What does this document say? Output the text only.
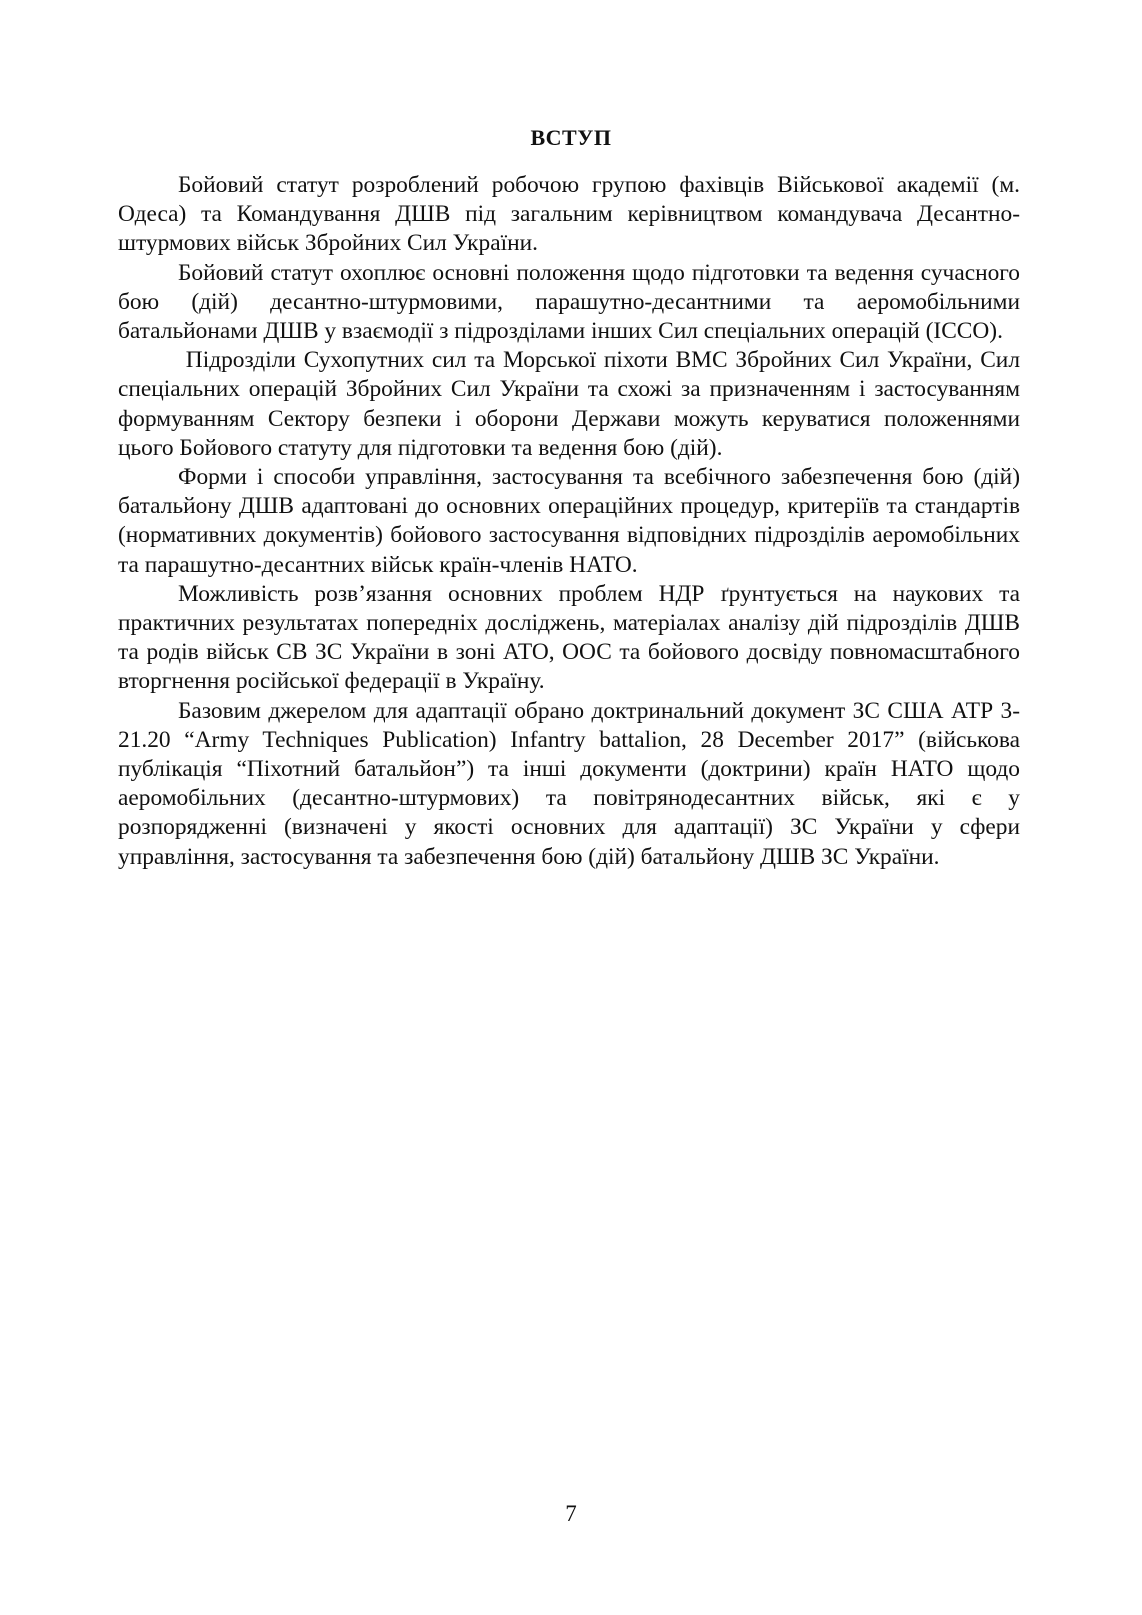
ВСТУП

Бойовий статут розроблений робочою групою фахівців Військової академії (м. Одеса) та Командування ДШВ під загальним керівництвом командувача Десантно-штурмових військ Збройних Сил України.

Бойовий статут охоплює основні положення щодо підготовки та ведення сучасного бою (дій) десантно-штурмовими, парашутно-десантними та аеромобільними батальйонами ДШВ у взаємодії з підрозділами інших Сил спеціальних операцій (ІССО).

Підрозділи Сухопутних сил та Морської піхоти ВМС Збройних Сил України, Сил спеціальних операцій Збройних Сил України та схожі за призначенням і застосуванням формуванням Сектору безпеки і оборони Держави можуть керуватися положеннями цього Бойового статуту для підготовки та ведення бою (дій).

Форми і способи управління, застосування та всебічного забезпечення бою (дій) батальйону ДШВ адаптовані до основних операційних процедур, критеріїв та стандартів (нормативних документів) бойового застосування відповідних підрозділів аеромобільних та парашутно-десантних військ країн-членів НАТО.

Можливість розв’язання основних проблем НДР ґрунтується на наукових та практичних результатах попередніх досліджень, матеріалах аналізу дій підрозділів ДШВ та родів військ СВ ЗС України в зоні АТО, ООС та бойового досвіду повномасштабного вторгнення російської федерації в Україну.

Базовим джерелом для адаптації обрано доктринальний документ ЗС США АТР 3-21.20 “Army Techniques Publication) Infantry battalion, 28 December 2017” (військова публікація “Піхотний батальйон”) та інші документи (доктрини) країн НАТО щодо аеромобільних (десантно-штурмових) та повітрянодесантних військ, які є у розпорядженні (визначені у якості основних для адаптації) ЗС України у сфери управління, застосування та забезпечення бою (дій) батальйону ДШВ ЗС України.

7
